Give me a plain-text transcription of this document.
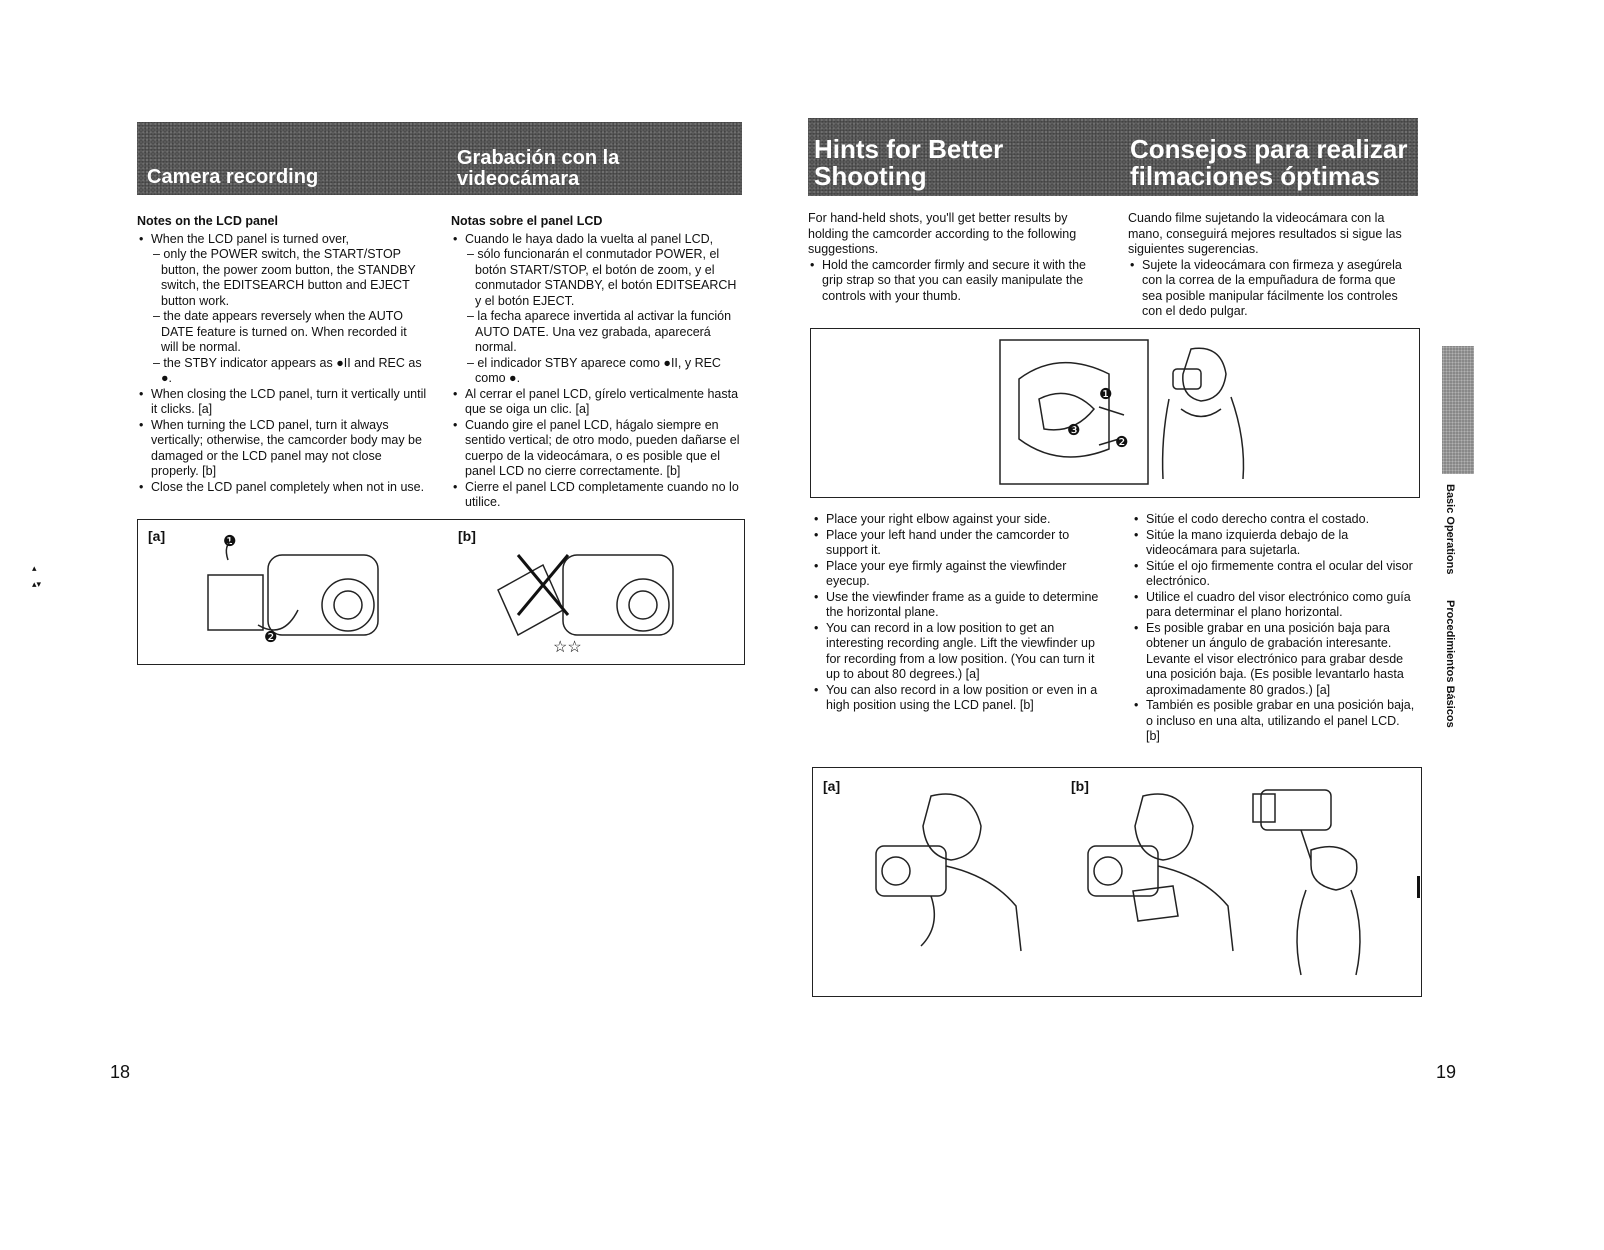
Camera recording
Grabación con la
videocámara
Notes on the LCD panel
• When the LCD panel is turned over,
– only the POWER switch, the START/STOP button, the power zoom button, the STANDBY switch, the EDITSEARCH button and EJECT button work.
– the date appears reversely when the AUTO DATE feature is turned on. When recorded it will be normal.
– the STBY indicator appears as ●II and REC as ●.
• When closing the LCD panel, turn it vertically until it clicks. [a]
• When turning the LCD panel, turn it always vertically; otherwise, the camcorder body may be damaged or the LCD panel may not close properly. [b]
• Close the LCD panel completely when not in use.
Notas sobre el panel LCD
• Cuando le haya dado la vuelta al panel LCD,
– sólo funcionarán el conmutador POWER, el botón START/STOP, el botón de zoom, y el conmutador STANDBY, el botón EDITSEARCH y el botón EJECT.
– la fecha aparece invertida al activar la función AUTO DATE. Una vez grabada, aparecerá normal.
– el indicador STBY aparece como ●II, y REC como ●.
• Al cerrar el panel LCD, gírelo verticalmente hasta que se oiga un clic. [a]
• Cuando gire el panel LCD, hágalo siempre en sentido vertical; de otro modo, pueden dañarse el cuerpo de la videocámara, o es posible que el panel LCD no cierre correctamente. [b]
• Cierre el panel LCD completamente cuando no lo utilice.
[a]	[b]
❶
❷
☆☆
▴
▴▾
18
Hints for Better
Shooting
Consejos para realizar
filmaciones óptimas
For hand-held shots, you'll get better results by holding the camcorder according to the following suggestions.
• Hold the camcorder firmly and secure it with the grip strap so that you can easily manipulate the controls with your thumb.
Cuando filme sujetando la videocámara con la mano, conseguirá mejores resultados si sigue las siguientes sugerencias.
• Sujete la videocámara con firmeza y asegúrela con la correa de la empuñadura de forma que sea posible manipular fácilmente los controles con el dedo pulgar.
❶
❷
❸
• Place your right elbow against your side.
• Place your left hand under the camcorder to support it.
• Place your eye firmly against the viewfinder eyecup.
• Use the viewfinder frame as a guide to determine the horizontal plane.
• You can record in a low position to get an interesting recording angle. Lift the viewfinder up for recording from a low position. (You can turn it up to about 80 degrees.) [a]
• You can also record in a low position or even in a high position using the LCD panel. [b]
• Sitúe el codo derecho contra el costado.
• Sitúe la mano izquierda debajo de la videocámara para sujetarla.
• Sitúe el ojo firmemente contra el ocular del visor electrónico.
• Utilice el cuadro del visor electrónico como guía para determinar el plano horizontal.
• Es posible grabar en una posición baja para obtener un ángulo de grabación interesante. Levante el visor electrónico para grabar desde una posición baja. (Es posible levantarlo hasta aproximadamente 80 grados.) [a]
• También es posible grabar en una posición baja, o incluso en una alta, utilizando el panel LCD. [b]
[a]	[b]
Basic Operations
Procedimientos Básicos
19
